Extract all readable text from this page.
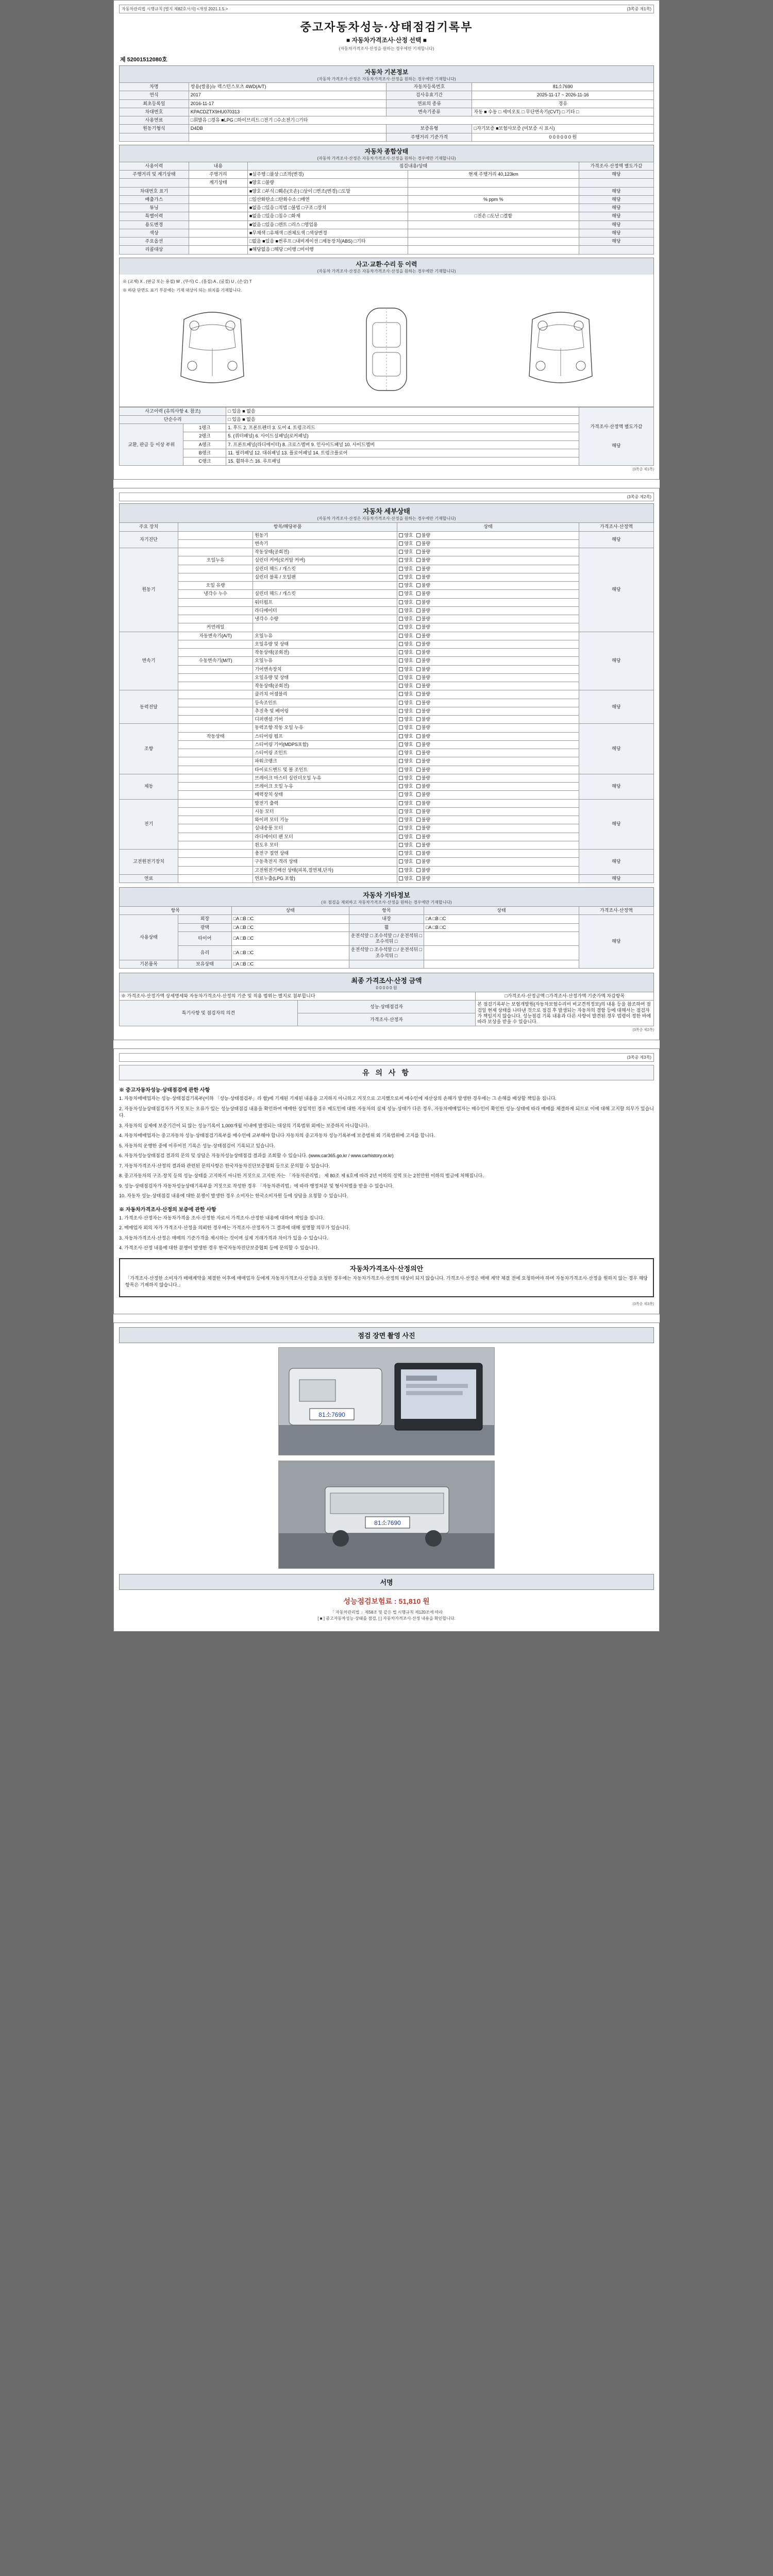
자동차관리법 시행규칙 [별지 제82호서식] <개정 2021.1.5.>	(3쪽중 제1쪽)
중고자동차성능·상태점검기록부
■ 자동차가격조사·산정 선택 ■
(자동차가격조사·산정을 원하는 경우에만 기재합니다)
제 52001512080호
자동차 기본정보
(자동차 가격조사·산정은 자동차가격조사·산정을 원하는 경우에만 기재합니다)
차명	쌍용(쌍용)뉴 렉스턴스포츠 4WD(A/T)	자동차등록번호	81소7690
연식	2017	검사유효기간	2025-11-17 ~ 2026-11-16
최초등록일	2016-11-17	연료의 종류	경유
차대번호	KPACDZTX9HU070313	변속기종류	자동 ■ 수동 □ 세미오토 □ 무단변속기(CVT) □ 기타 □
사용연료	□휘발유 □경유 ■LPG □하이브리드 □전기 □수소전기 □기타		
원동기형식	D4DB	보증유형	□자기보증 ■보험사보증 (미보증 시 표시)
		주행거리 기준가격	0 0 0 0 0 0 원
자동차 종합상태
(자동차 가격조사·산정은 자동차가격조사·산정을 원하는 경우에만 기재합니다)
사용이력	내용	점검내용/상태		가격조사·산정액 별도가감
주행거리 및 계기상태	주행거리	■실주행 □불상 □조작(변경)	현재 주행거리 40,123km	해당
	계기상태	■양호 □불량		
차대번호 표기		■양호 □부식 □훼손(오손) □상이 □변조(변경) □도말		해당
배출가스		□일산화탄소 □탄화수소 □매연	% ppm %	해당
튜닝		■없음 □있음 □적법 □불법 □구조 □장치		해당
특별이력		■없음 □있음 □침수 □화재	□전손 □도난 □결함	해당
용도변경		■없음 □있음 □렌트 □리스 □영업용		해당
색상		■무채색 □유채색 □전체도색 □색상변경		해당
주요옵션		□없음 ■있음 ■썬루프 □내비게이션 □제동장치(ABS) □기타		해당
리콜대상		■해당없음 □해당 □이행 □미이행		
사고·교환·수리 등 이력
(자동차 가격조사·산정은 자동차가격조사·산정을 원하는 경우에만 기재합니다)
※ (교체) X , (판금 또는 용접) W , (부식) C , (흠집) A , (굴절) U , (손상) T
※ 하단 단면도 표기 부분에는 기재 대상이 되는 위치를 기재합니다.
사고이력 (유의사항 4. 참조)		□ 있음 ■ 없음	가격조사·산정액 별도가감
해당

단순수리		□ 있음 ■ 없음	
교환, 판금 등 이상 부위	1랭크	1. 후드 2. 프론트펜더 3. 도어 4. 트렁크리드	
	2랭크	5. (쿼터패널) 6. 사이드실패널(로커패널)	
	A랭크	7. 프론트패널(라디에이터) 8. 크로스멤버 9. 인사이드패널 10. 사이드멤버	
	B랭크	11. 필러패널 12. 대쉬패널 13. 플로어패널 14. 트렁크플로어	
	C랭크	15. 휠하우스 16. 루프패널	
(3쪽중 제1쪽)
(3쪽중 제2쪽)
자동차 세부상태
(자동차 가격조사·산정은 자동차가격조사·산정을 원하는 경우에만 기재합니다)
주요 장치	항목/해당부품		상태	가격조사·산정액
자기진단		원동기	양호 불량	해당
		변속기	양호 불량	
원동기		작동상태(공회전)	양호 불량	해당
	오일누유	실린더 커버(로커암 커버)	양호 불량	
		실린더 헤드 / 개스킷	양호 불량	
		실린더 블록 / 오일팬	양호 불량	
	오일 유량		양호 불량	
	냉각수 누수	실린더 헤드 / 개스킷	양호 불량	
		워터펌프	양호 불량	
		라디에이터	양호 불량	
		냉각수 수량	양호 불량	
	커먼레일		양호 불량	
변속기	자동변속기(A/T)	오일누유	양호 불량	해당
		오일유량 및 상태	양호 불량	
		작동상태(공회전)	양호 불량	
	수동변속기(M/T)	오일누유	양호 불량	
		기어변속장치	양호 불량	
		오일유량 및 상태	양호 불량	
		작동상태(공회전)	양호 불량	
동력전달		클러치 어셈블리	양호 불량	해당
		등속조인트	양호 불량	
		추진축 및 베어링	양호 불량	
		디퍼렌셜 기어	양호 불량	
조향		동력조향 작동 오일 누유	양호 불량	해당
	작동상태	스티어링 펌프	양호 불량	
		스티어링 기어(MDPS포함)	양호 불량	
		스티어링 조인트	양호 불량	
		파워크랭크	양호 불량	
		타이로드엔드 및 볼 조인트	양호 불량	
제동		브레이크 마스터 실린더오일 누유	양호 불량	해당
		브레이크 오일 누유	양호 불량	
		배력장치 상태	양호 불량	
전기		발전기 출력	양호 불량	해당
		시동 모터	양호 불량	
		와이퍼 모터 기능	양호 불량	
		실내송풍 모터	양호 불량	
		라디에이터 팬 모터	양호 불량	
		윈도우 모터	양호 불량	
고전원전기장치		충전구 절연 상태	양호 불량	해당
		구동축전지 격리 상태	양호 불량	
		고전원전기배선 상태(피복,절연체,단자)	양호 불량	
연료		연료누출(LPG 포함)	양호 불량	해당
자동차 기타정보
(※ 점검을 제외하고 자동차가격조사·산정을 원하는 경우에만 기재합니다)
항목		상태	항목	상태	가격조사·산정액
사용상태	외장	□A □B □C	내장	□A □B □C	해당
	광택	□A □B □C	휠	□A □B □C	
	타이어	□A □B □C	운전석앞 □ 조수석앞 □ / 운전석뒤 □ 조수석뒤 □		
	유리	□A □B □C	운전석앞 □ 조수석앞 □ / 운전석뒤 □ 조수석뒤 □		
기본품목	보유상태	□A □B □C			
최종 가격조사·산정 금액
0 0 0 0 0 원
※ 가격조사·산정가액 상세명세와 자동차가격조사·산정의 기준 및 적용 범위는 별지로 첨부합니다		□가격조사·산정금액 □가격조사·산정가액 기준가액 차감항목
특기사항 및 점검자의 의견	성능·상태점검자	본 점검기록부는 보험개발원(자동차보험수리비 비교견적정보)의 내용 등을 참조하여 점검일 현재 상태를 나타낸 것으로 점검 후 발생되는 자동차의 결함 등에 대해서는 점검자가 책임지지 않습니다. 성능점검 기록 내용과 다른 사항이 발견된 경우 법령이 정한 바에 따라 보상을 받을 수 있습니다.
	가격조사·산정자	
(3쪽중 제2쪽)
(3쪽중 제3쪽)
유 의 사 항
※ 중고자동차성능·상태점검에 관한 사항

1. 자동차매매업자는 성능·상태점검기록부(이하 「성능·상태점검부」라 함)에 기재된 기재된 내용을 고지하지 아니하고 거짓으로 고지했으로써 매수인에 재산상의 손해가 발생한 경우에는 그 손해를 배상할 책임을 집니다.

2. 자동차성능상태점검자가 거짓 또는 오류가 있는 성능상태점검 내용을 확인하여 매매한 상업적인 경우 매도인에 대한 자동차의 실제 성능·상태가 다른 경우, 자동차매매업자는 매수인이 확인한 성능·상태에 따라 매매를 체결하게 되므로 이에 대해 고지할 의무가 있습니다.

3. 자동차의 실제에 보증기간이 되 않는 성능기록이 1,000개월 이내에 발생되는 대상의 기록범위 외에는 보증하지 아니합니다.

4. 자동차매매업자는 중고자동차 성능·상태점검기록부를 매수인에 교부해야 합니다 자동차의 중고자동차 성능기록부에 보증범위 외 기록범위에 고지를 합니다.

5. 자동차의 운행한 중에 이루어진 기록은 성능·상태점검이 기록되고 있습니다.

6. 자동차성능상태점검 결과의 문의 및 상담은 자동차성능상태점검 결과를 조회할 수 있습니다. (www.car365.go.kr / www.carhistory.or.kr)

7. 자동차가격조사·산정의 결과와 관련된 문의사항은 한국자동차진단보증협회 등으로 문의할 수 있습니다.

8. 중고자동차의 구조·장치 등의 성능·상태를 고지하지 아니한 거짓으로 고지한 자는 「자동차관리법」 제 80조 제 6호에 따라 2년 이하의 징역 또는 2천만원 이하의 벌금에 처해집니다.

9. 성능·상태점검자가 자동차성능상태기록부를 거짓으로 작성한 경우 「자동차관리법」에 따라 행정처분 및 형사처벌을 받을 수 있습니다.

10. 자동차 성능·상태점검 내용에 대한 분쟁이 발생한 경우 소비자는 한국소비자원 등에 상담을 요청할 수 있습니다.

※ 자동차가격조사·산정의 보증에 관한 사항

1. 가격조사·산정자는 자동차가격을 조사·산정한 자로서 가격조사·산정한 내용에 대하여 책임을 집니다.

2. 매매업자 외의 자가 가격조사·산정을 의뢰한 경우에는 가격조사·산정자가 그 결과에 대해 설명할 의무가 있습니다.

3. 자동차가격조사·산정은 매매의 기준가격을 제시하는 것이며 실제 거래가격과 차이가 있을 수 있습니다.

4. 가격조사·산정 내용에 대한 분쟁이 발생한 경우 한국자동차진단보증협회 등에 문의할 수 있습니다.

자동차가격조사·산정의안

「가격조사·산정한 소비자가 매매계약을 체결한 이후에 매매업자 등에게 자동차가격조사·산정을 요청한 경우에는 자동차가격조사·산정의 대상이 되지 않습니다. 가격조사·산정은 매매 계약 체결 전에 요청하여야 하며 자동차가격조사·산정을 원하지 않는 경우 해당 항목은 기재하지 않습니다.」

(3쪽중 제3쪽)
점검 장면 촬영 사진
81소7690
81소7690
서명
성능점검보험료 : 51,810 원
「 자동차관리법 」제58조 및 같은 법 시행규칙 제120조에 따라
[ ■ ] 중고자동차성능·상태를 점검, [ ] 자동차가격조사·산정 내용을 확인합니다.
